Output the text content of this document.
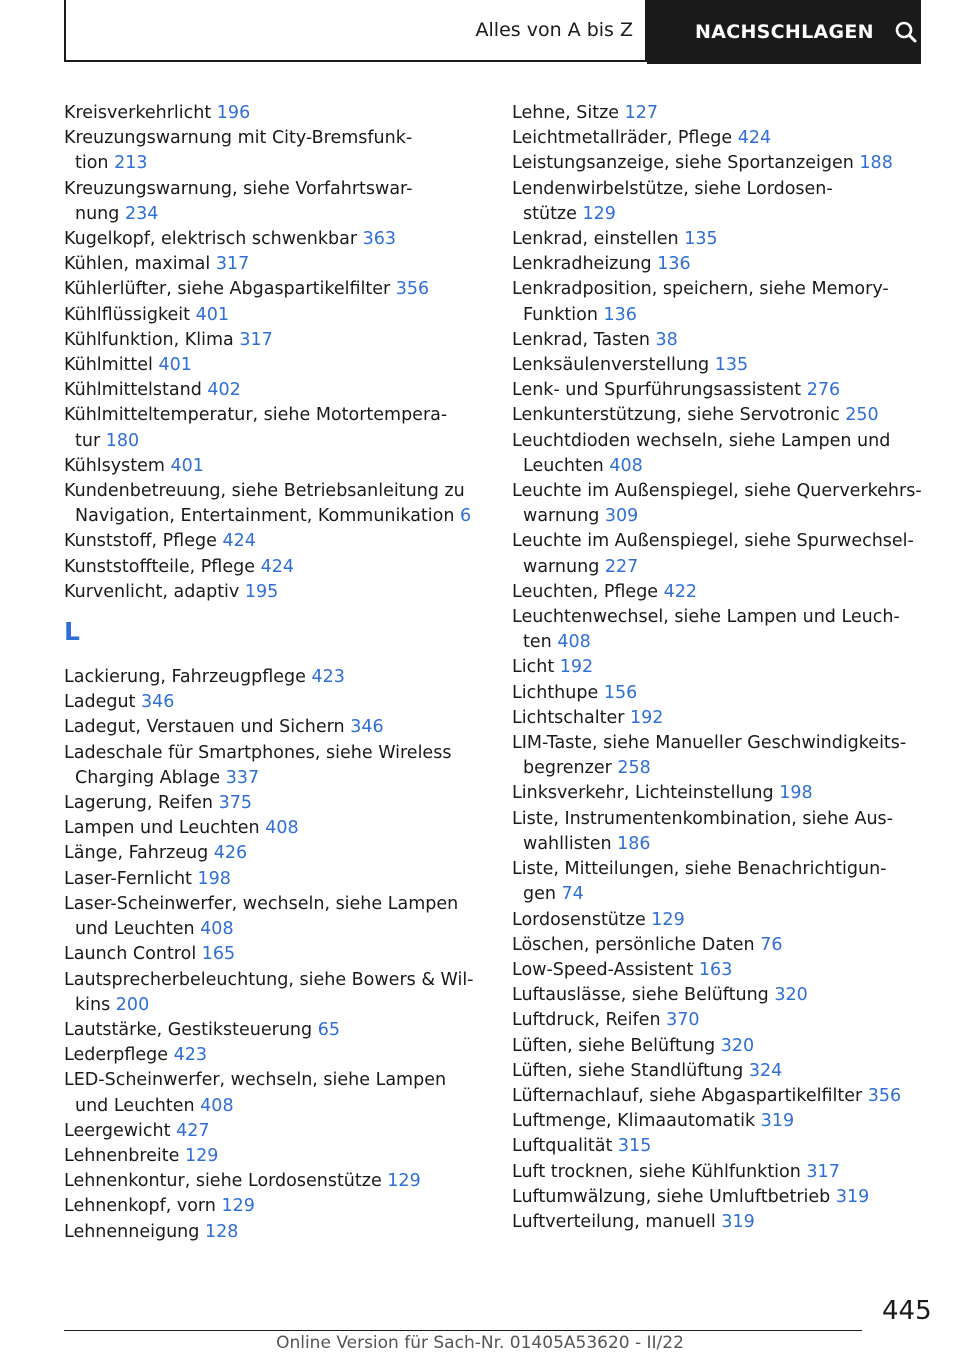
Alles von A bis Z	NACHSCHLAGEN
Kreisverkehrlicht 196
Kreuzungswarnung mit City-Bremsfunk-
tion 213
Kreuzungswarnung, siehe Vorfahrtswar-
nung 234
Kugelkopf, elektrisch schwenkbar 363
Kühlen, maximal 317
Kühlerlüfter, siehe Abgaspartikelfilter 356
Kühlflüssigkeit 401
Kühlfunktion, Klima 317
Kühlmittel 401
Kühlmittelstand 402
Kühlmitteltemperatur, siehe Motortempera-
tur 180
Kühlsystem 401
Kundenbetreuung, siehe Betriebsanleitung zu
Navigation, Entertainment, Kommunikation 6
Kunststoff, Pflege 424
Kunststoffteile, Pflege 424
Kurvenlicht, adaptiv 195
L
Lackierung, Fahrzeugpflege 423
Ladegut 346
Ladegut, Verstauen und Sichern 346
Ladeschale für Smartphones, siehe Wireless
Charging Ablage 337
Lagerung, Reifen 375
Lampen und Leuchten 408
Länge, Fahrzeug 426
Laser-Fernlicht 198
Laser-Scheinwerfer, wechseln, siehe Lampen
und Leuchten 408
Launch Control 165
Lautsprecherbeleuchtung, siehe Bowers & Wil-
kins 200
Lautstärke, Gestiksteuerung 65
Lederpflege 423
LED-Scheinwerfer, wechseln, siehe Lampen
und Leuchten 408
Leergewicht 427
Lehnenbreite 129
Lehnenkontur, siehe Lordosenstütze 129
Lehnenkopf, vorn 129
Lehnenneigung 128
Lehne, Sitze 127
Leichtmetallräder, Pflege 424
Leistungsanzeige, siehe Sportanzeigen 188
Lendenwirbelstütze, siehe Lordosen-
stütze 129
Lenkrad, einstellen 135
Lenkradheizung 136
Lenkradposition, speichern, siehe Memory-
Funktion 136
Lenkrad, Tasten 38
Lenksäulenverstellung 135
Lenk- und Spurführungsassistent 276
Lenkunterstützung, siehe Servotronic 250
Leuchtdioden wechseln, siehe Lampen und
Leuchten 408
Leuchte im Außenspiegel, siehe Querverkehrs-
warnung 309
Leuchte im Außenspiegel, siehe Spurwechsel-
warnung 227
Leuchten, Pflege 422
Leuchtenwechsel, siehe Lampen und Leuch-
ten 408
Licht 192
Lichthupe 156
Lichtschalter 192
LIM-Taste, siehe Manueller Geschwindigkeits-
begrenzer 258
Linksverkehr, Lichteinstellung 198
Liste, Instrumentenkombination, siehe Aus-
wahllisten 186
Liste, Mitteilungen, siehe Benachrichtigun-
gen 74
Lordosenstütze 129
Löschen, persönliche Daten 76
Low-Speed-Assistent 163
Luftauslässe, siehe Belüftung 320
Luftdruck, Reifen 370
Lüften, siehe Belüftung 320
Lüften, siehe Standlüftung 324
Lüfternachlauf, siehe Abgaspartikelfilter 356
Luftmenge, Klimaautomatik 319
Luftqualität 315
Luft trocknen, siehe Kühlfunktion 317
Luftumwälzung, siehe Umluftbetrieb 319
Luftverteilung, manuell 319
445
Online Version für Sach-Nr. 01405A53620 - II/22
